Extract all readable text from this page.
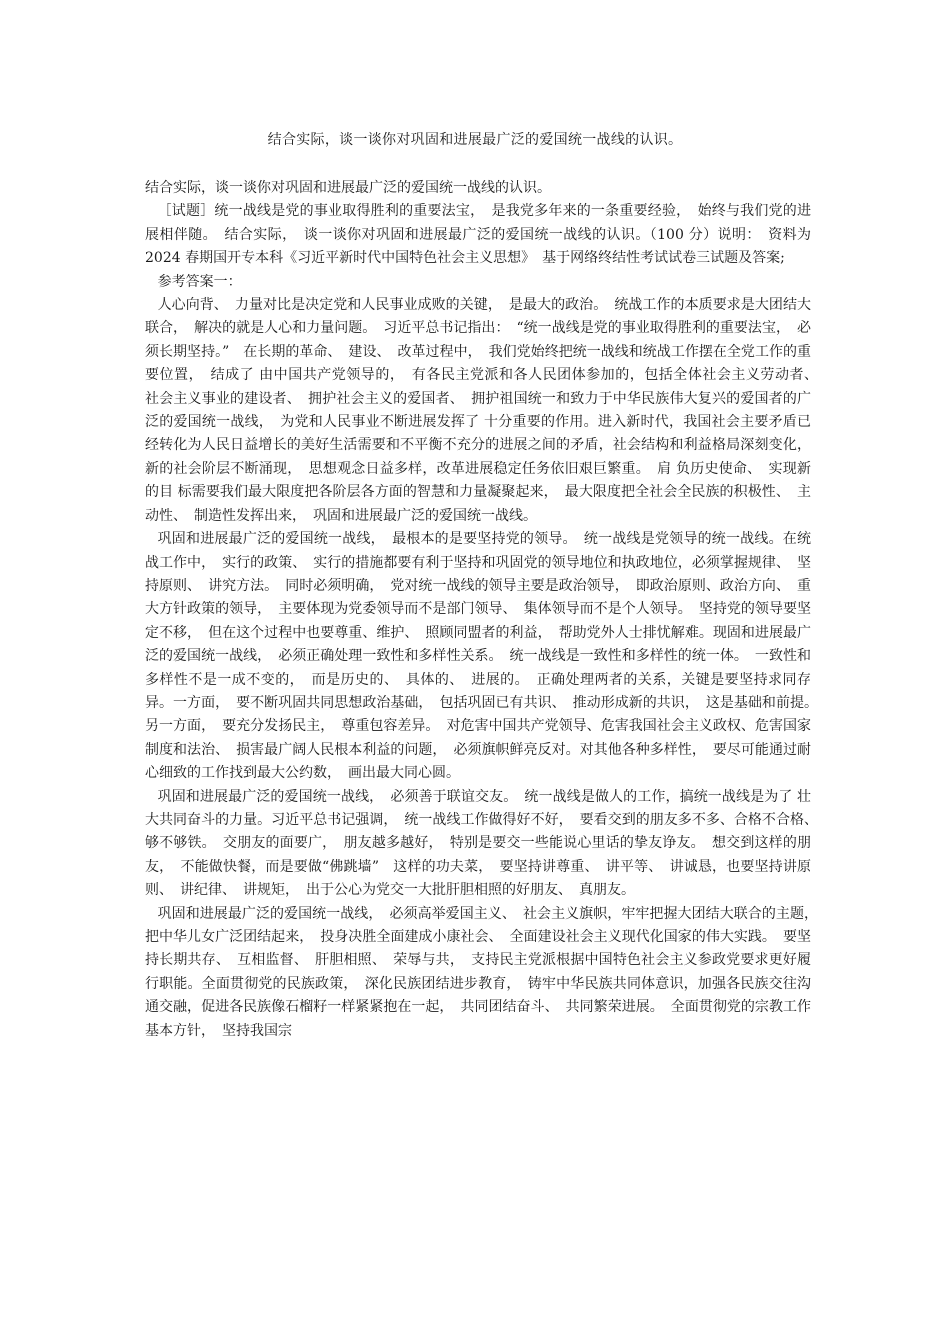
结合实际，谈一谈你对巩固和进展最广泛的爱国统一战线的认识。

结合实际，谈一谈你对巩固和进展最广泛的爱国统一战线的认识。

［试题］统一战线是党的事业取得胜利的重要法宝，　是我党多年来的一条重要经验，　始终与我们党的进展相伴随。　结合实际，　谈一谈你对巩固和进展最广泛的爱国统一战线的认识。（100 分）说明：　资料为 2024 春期国开专本科《习近平新时代中国特色社会主义思想》　基于网络终结性考试试卷三试题及答案;

参考答案一：

人心向背、　力量对比是决定党和人民事业成败的关键，　是最大的政治。　统战工作的本质要求是大团结大联合，　解决的就是人心和力量问题。　习近平总书记指出：　“统一战线是党的事业取得胜利的重要法宝，　必须长期坚持。”　在长期的革命、　建设、　改革过程中，　我们党始终把统一战线和统战工作摆在全党工作的重要位置，　结成了 由中国共产党领导的，　有各民主党派和各人民团体参加的，包括全体社会主义劳动者、　社会主义事业的建设者、　拥护社会主义的爱国者、　拥护祖国统一和致力于中华民族伟大复兴的爱国者的广泛的爱国统一战线，　为党和人民事业不断进展发挥了 十分重要的作用。进入新时代，我国社会主要矛盾已经转化为人民日益增长的美好生活需要和不平衡不充分的进展之间的矛盾，社会结构和利益格局深刻变化，新的社会阶层不断涌现，　思想观念日益多样，改革进展稳定任务依旧艰巨繁重。　肩 负历史使命、　实现新的目 标需要我们最大限度把各阶层各方面的智慧和力量凝聚起来，　最大限度把全社会全民族的积极性、　主动性、　制造性发挥出来，　巩固和进展最广泛的爱国统一战线。

巩固和进展最广泛的爱国统一战线，　最根本的是要坚持党的领导。　统一战线是党领导的统一战线。在统战工作中，　实行的政策、　实行的措施都要有利于坚持和巩固党的领导地位和执政地位，必须掌握规律、　坚持原则、　讲究方法。　同时必须明确，　党对统一战线的领导主要是政治领导，　即政治原则、政治方向、　重大方针政策的领导，　主要体现为党委领导而不是部门领导、　集体领导而不是个人领导。　坚持党的领导要坚定不移，　但在这个过程中也要尊重、维护、　照顾同盟者的利益，　帮助党外人士排忧解难。现固和进展最广泛的爱国统一战线，　必须正确处理一致性和多样性关系。　统一战线是一致性和多样性的统一体。　一致性和多样性不是一成不变的，　而是历史的、　具体的、　进展的。　正确处理两者的关系，关键是要坚持求同存异。一方面，　要不断巩固共同思想政治基础，　包括巩固已有共识、　推动形成新的共识，　这是基础和前提。　另一方面，　要充分发扬民主，　尊重包容差异。　对危害中国共产党领导、危害我国社会主义政权、危害国家制度和法治、　损害最广阔人民根本利益的问题，　必须旗帜鲜亮反对。对其他各种多样性，　要尽可能通过耐心细致的工作找到最大公约数，　画出最大同心圆。

巩固和进展最广泛的爱国统一战线，　必须善于联谊交友。　统一战线是做人的工作，搞统一战线是为了 壮大共同奋斗的力量。习近平总书记强调，　统一战线工作做得好不好，　要看交到的朋友多不多、合格不合格、　够不够铁。　交朋友的面要广，　朋友越多越好，　特别是要交一些能说心里话的挚友诤友。　想交到这样的朋友，　不能做快餐，而是要做“佛跳墙”　这样的功夫菜，　要坚持讲尊重、　讲平等、　讲诚恳，也要坚持讲原则、　讲纪律、　讲规矩，　出于公心为党交一大批肝胆相照的好朋友、　真朋友。

巩固和进展最广泛的爱国统一战线，　必须高举爱国主义、　社会主义旗帜，牢牢把握大团结大联合的主题，　把中华儿女广泛团结起来，　投身决胜全面建成小康社会、　全面建设社会主义现代化国家的伟大实践。　要坚持长期共存、　互相监督、　肝胆相照、　荣辱与共，　支持民主党派根据中国特色社会主义参政党要求更好履行职能。全面贯彻党的民族政策，　深化民族团结进步教育，　铸牢中华民族共同体意识，加强各民族交往沟通交融，促进各民族像石榴籽一样紧紧抱在一起，　共同团结奋斗、　共同繁荣进展。　全面贯彻党的宗教工作基本方针，　坚持我国宗
